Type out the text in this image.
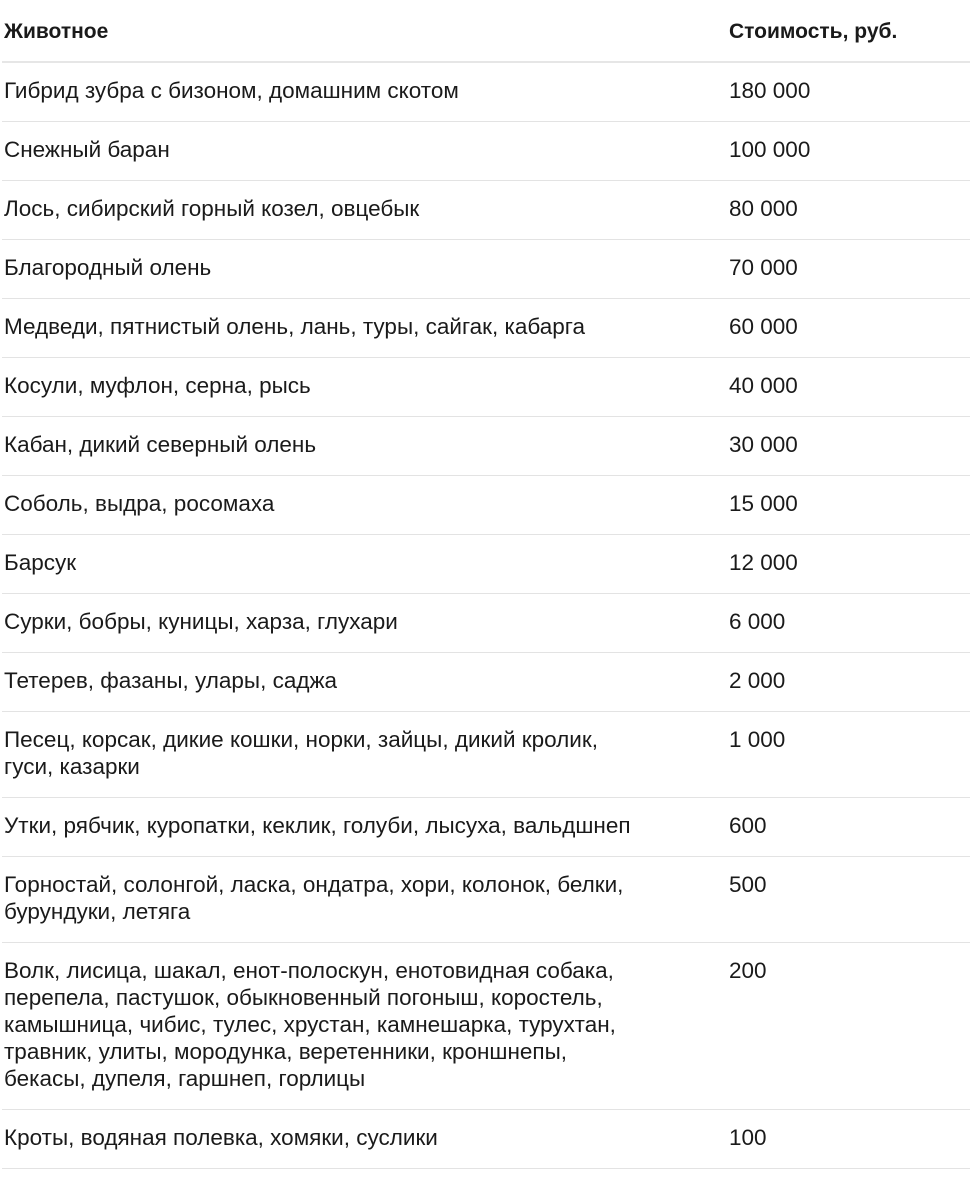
Животное	Стоимость, руб.
Гибрид зубра с бизоном, домашним скотом	180 000
Снежный баран	100 000
Лось, сибирский горный козел, овцебык	80 000
Благородный олень	70 000
Медведи, пятнистый олень, лань, туры, сайгак, кабарга	60 000
Косули, муфлон, серна, рысь	40 000
Кабан, дикий северный олень	30 000
Соболь, выдра, росомаха	15 000
Барсук	12 000
Сурки, бобры, куницы, харза, глухари	6 000
Тетерев, фазаны, улары, саджа	2 000
Песец, корсак, дикие кошки, норки, зайцы, дикий кролик,
гуси, казарки	1 000
Утки, рябчик, куропатки, кеклик, голуби, лысуха, вальдшнеп	600
Горностай, солонгой, ласка, ондатра, хори, колонок, белки,
бурундуки, летяга	500
Волк, лисица, шакал, енот-полоскун, енотовидная собака,
перепела, пастушок, обыкновенный погоныш, коростель,
камышница, чибис, тулес, хрустан, камнешарка, турухтан,
травник, улиты, мородунка, веретенники, кроншнепы,
бекасы, дупеля, гаршнеп, горлицы	200
Кроты, водяная полевка, хомяки, суслики	100
